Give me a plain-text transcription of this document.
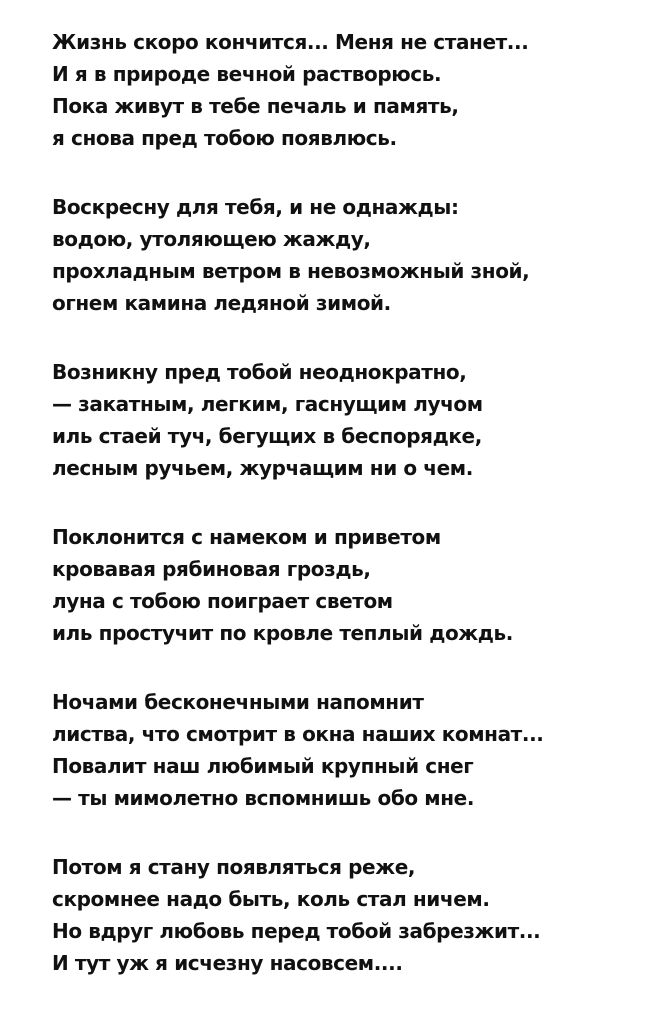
Жизнь скоро кончится... Меня не станет...
И я в природе вечной растворюсь.
Пока живут в тебе печаль и память,
я снова пред тобою появлюсь.
Воскресну для тебя, и не однажды:
водою, утоляющею жажду,
прохладным ветром в невозможный зной,
огнем камина ледяной зимой.
Возникну пред тобой неоднократно,
— закатным, легким, гаснущим лучом
иль стаей туч, бегущих в беспорядке,
лесным ручьем, журчащим ни о чем.
Поклонится с намеком и приветом
кровавая рябиновая гроздь,
луна с тобою поиграет светом
иль простучит по кровле теплый дождь.
Ночами бесконечными напомнит
листва, что смотрит в окна наших комнат...
Повалит наш любимый крупный снег
— ты мимолетно вспомнишь обо мне.
Потом я стану появляться реже,
скромнее надо быть, коль стал ничем.
Но вдруг любовь перед тобой забрезжит...
И тут уж я исчезну насовсем....
